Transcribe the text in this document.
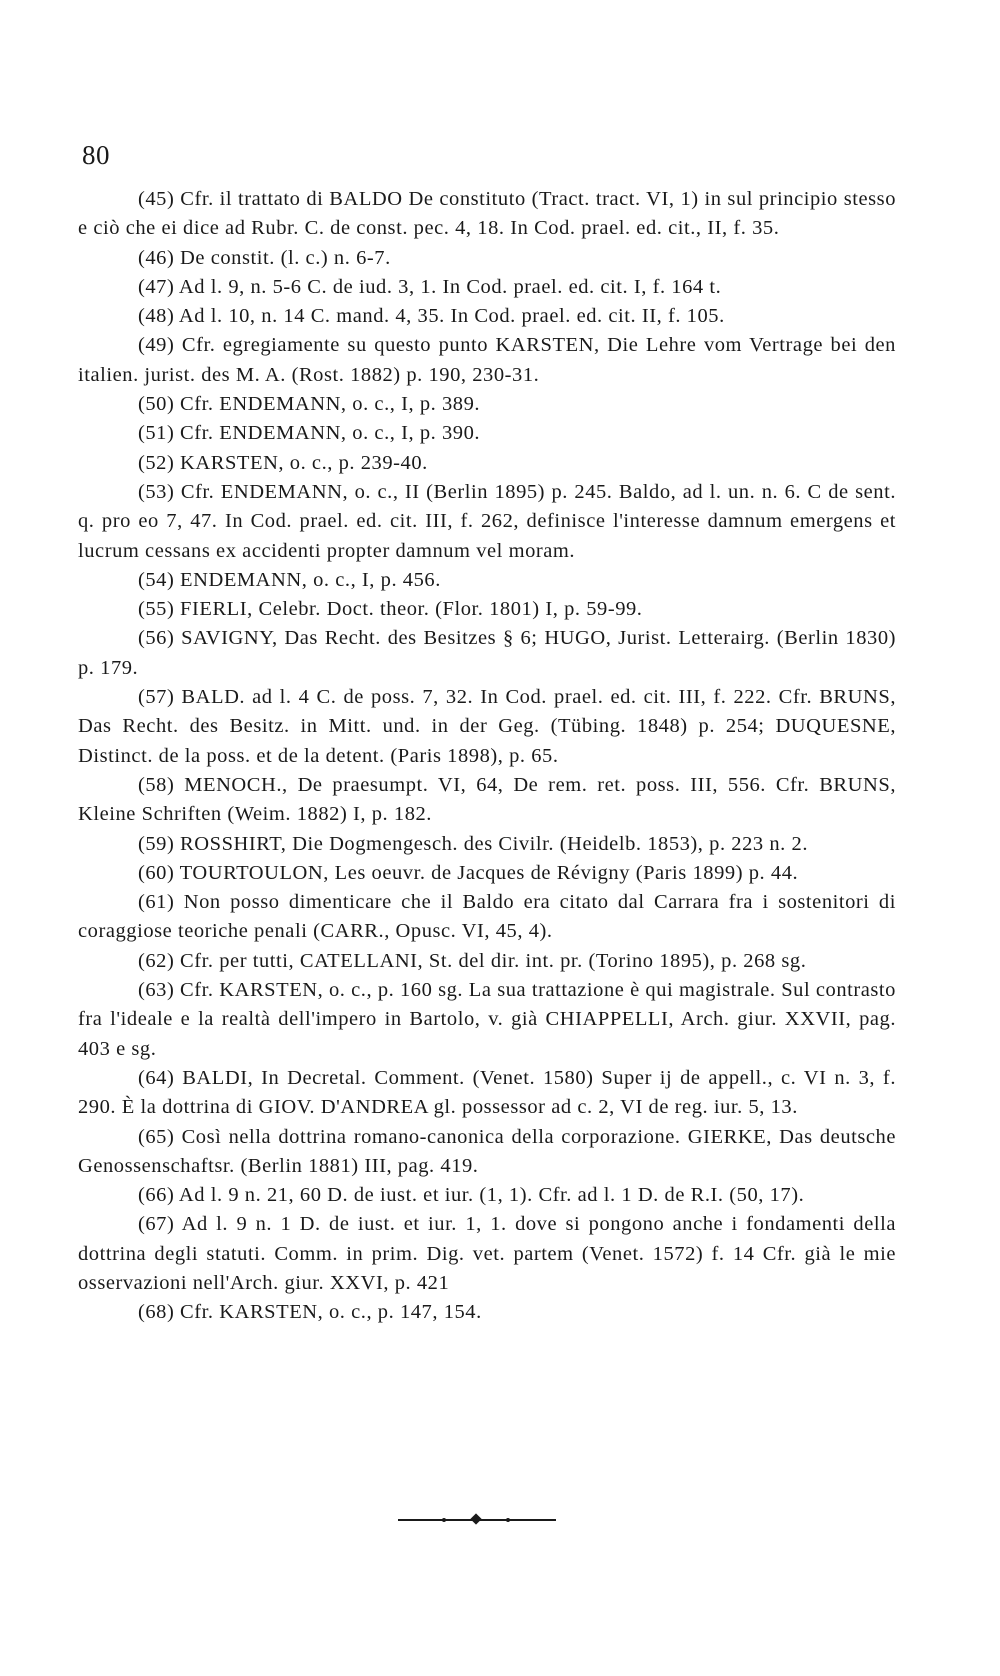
80

(45) Cfr. il trattato di BALDO De constituto (Tract. tract. VI, 1) in sul principio stesso e ciò che ei dice ad Rubr. C. de const. pec. 4, 18. In Cod. prael. ed. cit., II, f. 35.

(46) De constit. (l. c.) n. 6-7.

(47) Ad l. 9, n. 5-6 C. de iud. 3, 1. In Cod. prael. ed. cit. I, f. 164 t.

(48) Ad l. 10, n. 14 C. mand. 4, 35. In Cod. prael. ed. cit. II, f. 105.

(49) Cfr. egregiamente su questo punto KARSTEN, Die Lehre vom Vertrage bei den italien. jurist. des M. A. (Rost. 1882) p. 190, 230-31.

(50) Cfr. ENDEMANN, o. c., I, p. 389.

(51) Cfr. ENDEMANN, o. c., I, p. 390.

(52) KARSTEN, o. c., p. 239-40.

(53) Cfr. ENDEMANN, o. c., II (Berlin 1895) p. 245. Baldo, ad l. un. n. 6. C de sent. q. pro eo 7, 47. In Cod. prael. ed. cit. III, f. 262, definisce l'interesse damnum emergens et lucrum cessans ex accidenti propter damnum vel moram.

(54) ENDEMANN, o. c., I, p. 456.

(55) FIERLI, Celebr. Doct. theor. (Flor. 1801) I, p. 59-99.

(56) SAVIGNY, Das Recht. des Besitzes § 6; HUGO, Jurist. Letterairg. (Berlin 1830) p. 179.

(57) BALD. ad l. 4 C. de poss. 7, 32. In Cod. prael. ed. cit. III, f. 222. Cfr. BRUNS, Das Recht. des Besitz. in Mitt. und. in der Geg. (Tübing. 1848) p. 254; DUQUESNE, Distinct. de la poss. et de la detent. (Paris 1898), p. 65.

(58) MENOCH., De praesumpt. VI, 64, De rem. ret. poss. III, 556. Cfr. BRUNS, Kleine Schriften (Weim. 1882) I, p. 182.

(59) ROSSHIRT, Die Dogmengesch. des Civilr. (Heidelb. 1853), p. 223 n. 2.

(60) TOURTOULON, Les oeuvr. de Jacques de Révigny (Paris 1899) p. 44.

(61) Non posso dimenticare che il Baldo era citato dal Carrara fra i sostenitori di coraggiose teoriche penali (CARR., Opusc. VI, 45, 4).

(62) Cfr. per tutti, CATELLANI, St. del dir. int. pr. (Torino 1895), p. 268 sg.

(63) Cfr. KARSTEN, o. c., p. 160 sg. La sua trattazione è qui magistrale. Sul contrasto fra l'ideale e la realtà dell'impero in Bartolo, v. già CHIAPPELLI, Arch. giur. XXVII, pag. 403 e sg.

(64) BALDI, In Decretal. Comment. (Venet. 1580) Super ij de appell., c. VI n. 3, f. 290. È la dottrina di GIOV. D'ANDREA gl. possessor ad c. 2, VI de reg. iur. 5, 13.

(65) Così nella dottrina romano-canonica della corporazione. GIERKE, Das deutsche Genossenschaftsr. (Berlin 1881) III, pag. 419.

(66) Ad l. 9 n. 21, 60 D. de iust. et iur. (1, 1). Cfr. ad l. 1 D. de R.I. (50, 17).

(67) Ad l. 9 n. 1 D. de iust. et iur. 1, 1. dove si pongono anche i fondamenti della dottrina degli statuti. Comm. in prim. Dig. vet. partem (Venet. 1572) f. 14 Cfr. già le mie osservazioni nell'Arch. giur. XXVI, p. 421

(68) Cfr. KARSTEN, o. c., p. 147, 154.
